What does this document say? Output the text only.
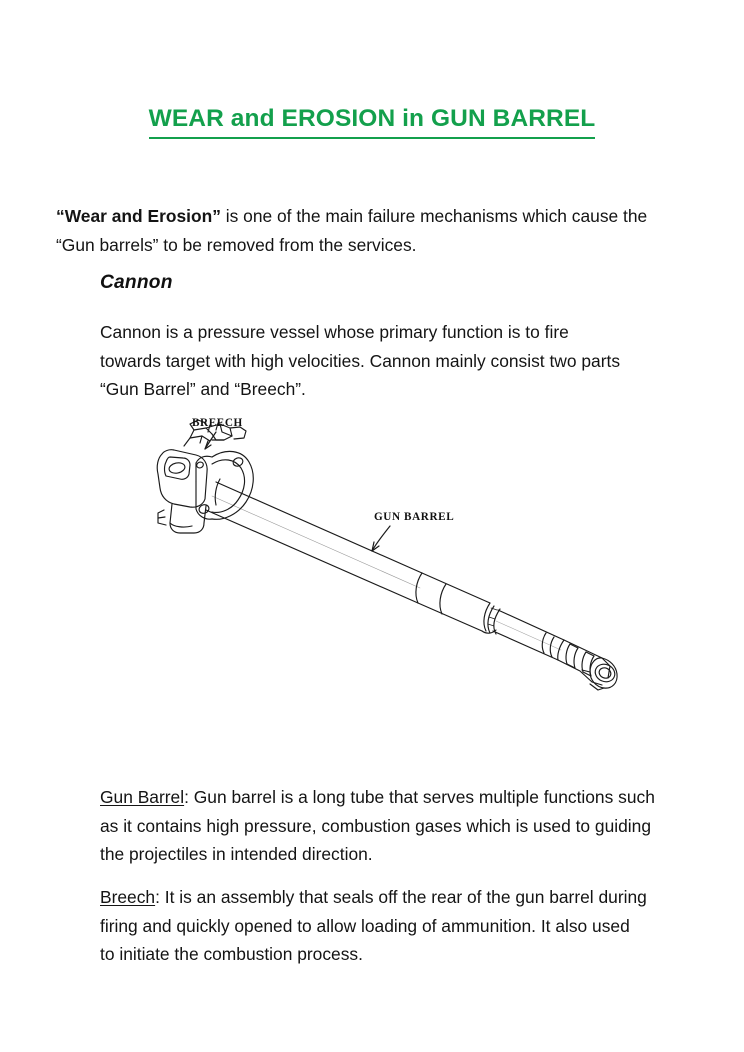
WEAR and EROSION in GUN BARREL

“Wear and Erosion” is one of the main failure mechanisms which cause the “Gun barrels” to be removed from the services.

Cannon

Cannon is a pressure vessel whose primary function is to fire towards target with high velocities. Cannon mainly consist two parts “Gun Barrel” and “Breech”.

BREECH
GUN BARREL

Gun Barrel: Gun barrel is a long tube that serves multiple functions such as it contains high pressure, combustion gases which is used to guiding the projectiles in intended direction.

Breech: It is an assembly that seals off the rear of the gun barrel during firing and quickly opened to allow loading of ammunition. It also used to initiate the combustion process.
